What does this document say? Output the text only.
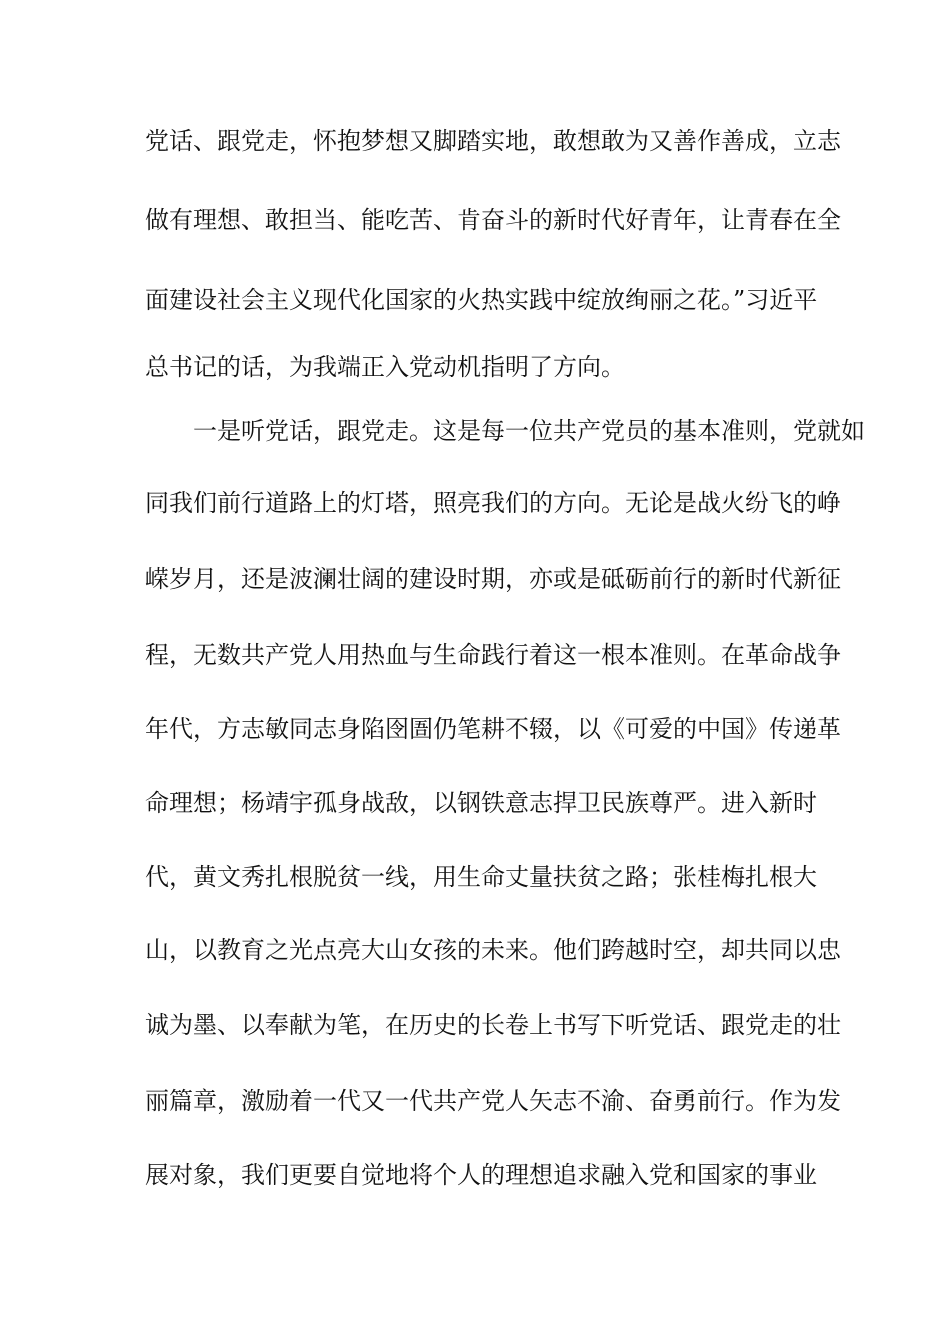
党话、跟党走，怀抱梦想又脚踏实地，敢想敢为又善作善成，立志
做有理想、敢担当、能吃苦、肯奋斗的新时代好青年，让青春在全
面建设社会主义现代化国家的火热实践中绽放绚丽之花。”习近平
总书记的话，为我端正入党动机指明了方向。
一是听党话，跟党走。这是每一位共产党员的基本准则，党就如
同我们前行道路上的灯塔，照亮我们的方向。无论是战火纷飞的峥
嵘岁月，还是波澜壮阔的建设时期，亦或是砥砺前行的新时代新征
程，无数共产党人用热血与生命践行着这一根本准则。在革命战争
年代，方志敏同志身陷囹圄仍笔耕不辍，以《可爱的中国》传递革
命理想；杨靖宇孤身战敌，以钢铁意志捍卫民族尊严。进入新时
代，黄文秀扎根脱贫一线，用生命丈量扶贫之路；张桂梅扎根大
山，以教育之光点亮大山女孩的未来。他们跨越时空，却共同以忠
诚为墨、以奉献为笔，在历史的长卷上书写下听党话、跟党走的壮
丽篇章，激励着一代又一代共产党人矢志不渝、奋勇前行。作为发
展对象，我们更要自觉地将个人的理想追求融入党和国家的事业
